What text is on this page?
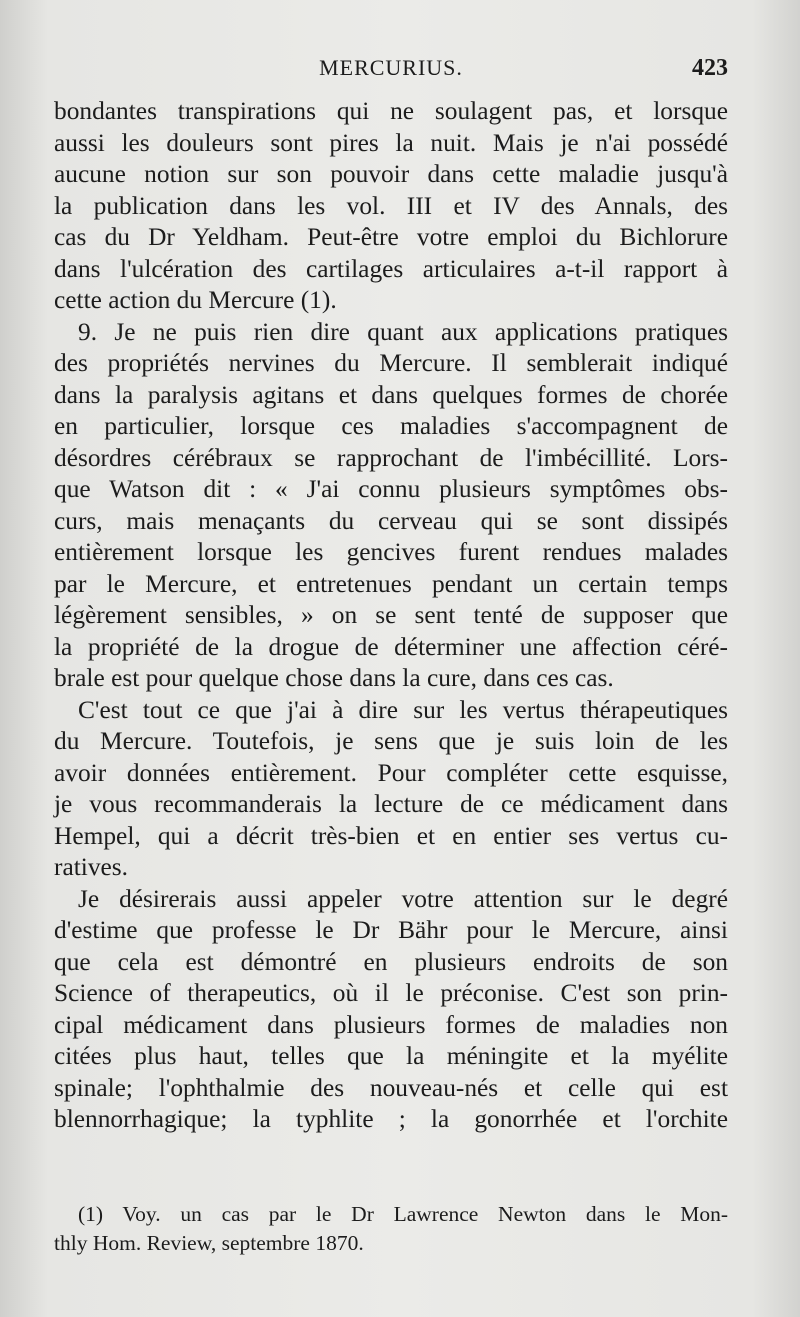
MERCURIUS.	423
bondantes transpirations qui ne soulagent pas, et lorsque
aussi les douleurs sont pires la nuit. Mais je n'ai possédé
aucune notion sur son pouvoir dans cette maladie jusqu'à
la publication dans les vol. III et IV des Annals, des
cas du Dr Yeldham. Peut-être votre emploi du Bichlorure
dans l'ulcération des cartilages articulaires a-t-il rapport à
cette action du Mercure (1).
9. Je ne puis rien dire quant aux applications pratiques
des propriétés nervines du Mercure. Il semblerait indiqué
dans la paralysis agitans et dans quelques formes de chorée
en particulier, lorsque ces maladies s'accompagnent de
désordres cérébraux se rapprochant de l'imbécillité. Lors-
que Watson dit : « J'ai connu plusieurs symptômes obs-
curs, mais menaçants du cerveau qui se sont dissipés
entièrement lorsque les gencives furent rendues malades
par le Mercure, et entretenues pendant un certain temps
légèrement sensibles, » on se sent tenté de supposer que
la propriété de la drogue de déterminer une affection céré-
brale est pour quelque chose dans la cure, dans ces cas.
C'est tout ce que j'ai à dire sur les vertus thérapeutiques
du Mercure. Toutefois, je sens que je suis loin de les
avoir données entièrement. Pour compléter cette esquisse,
je vous recommanderais la lecture de ce médicament dans
Hempel, qui a décrit très-bien et en entier ses vertus cu-
ratives.
Je désirerais aussi appeler votre attention sur le degré
d'estime que professe le Dr Bähr pour le Mercure, ainsi
que cela est démontré en plusieurs endroits de son
Science of therapeutics, où il le préconise. C'est son prin-
cipal médicament dans plusieurs formes de maladies non
citées plus haut, telles que la méningite et la myélite
spinale; l'ophthalmie des nouveau-nés et celle qui est
blennorrhagique; la typhlite ; la gonorrhée et l'orchite
(1) Voy. un cas par le Dr Lawrence Newton dans le Mon-
thly Hom. Review, septembre 1870.
